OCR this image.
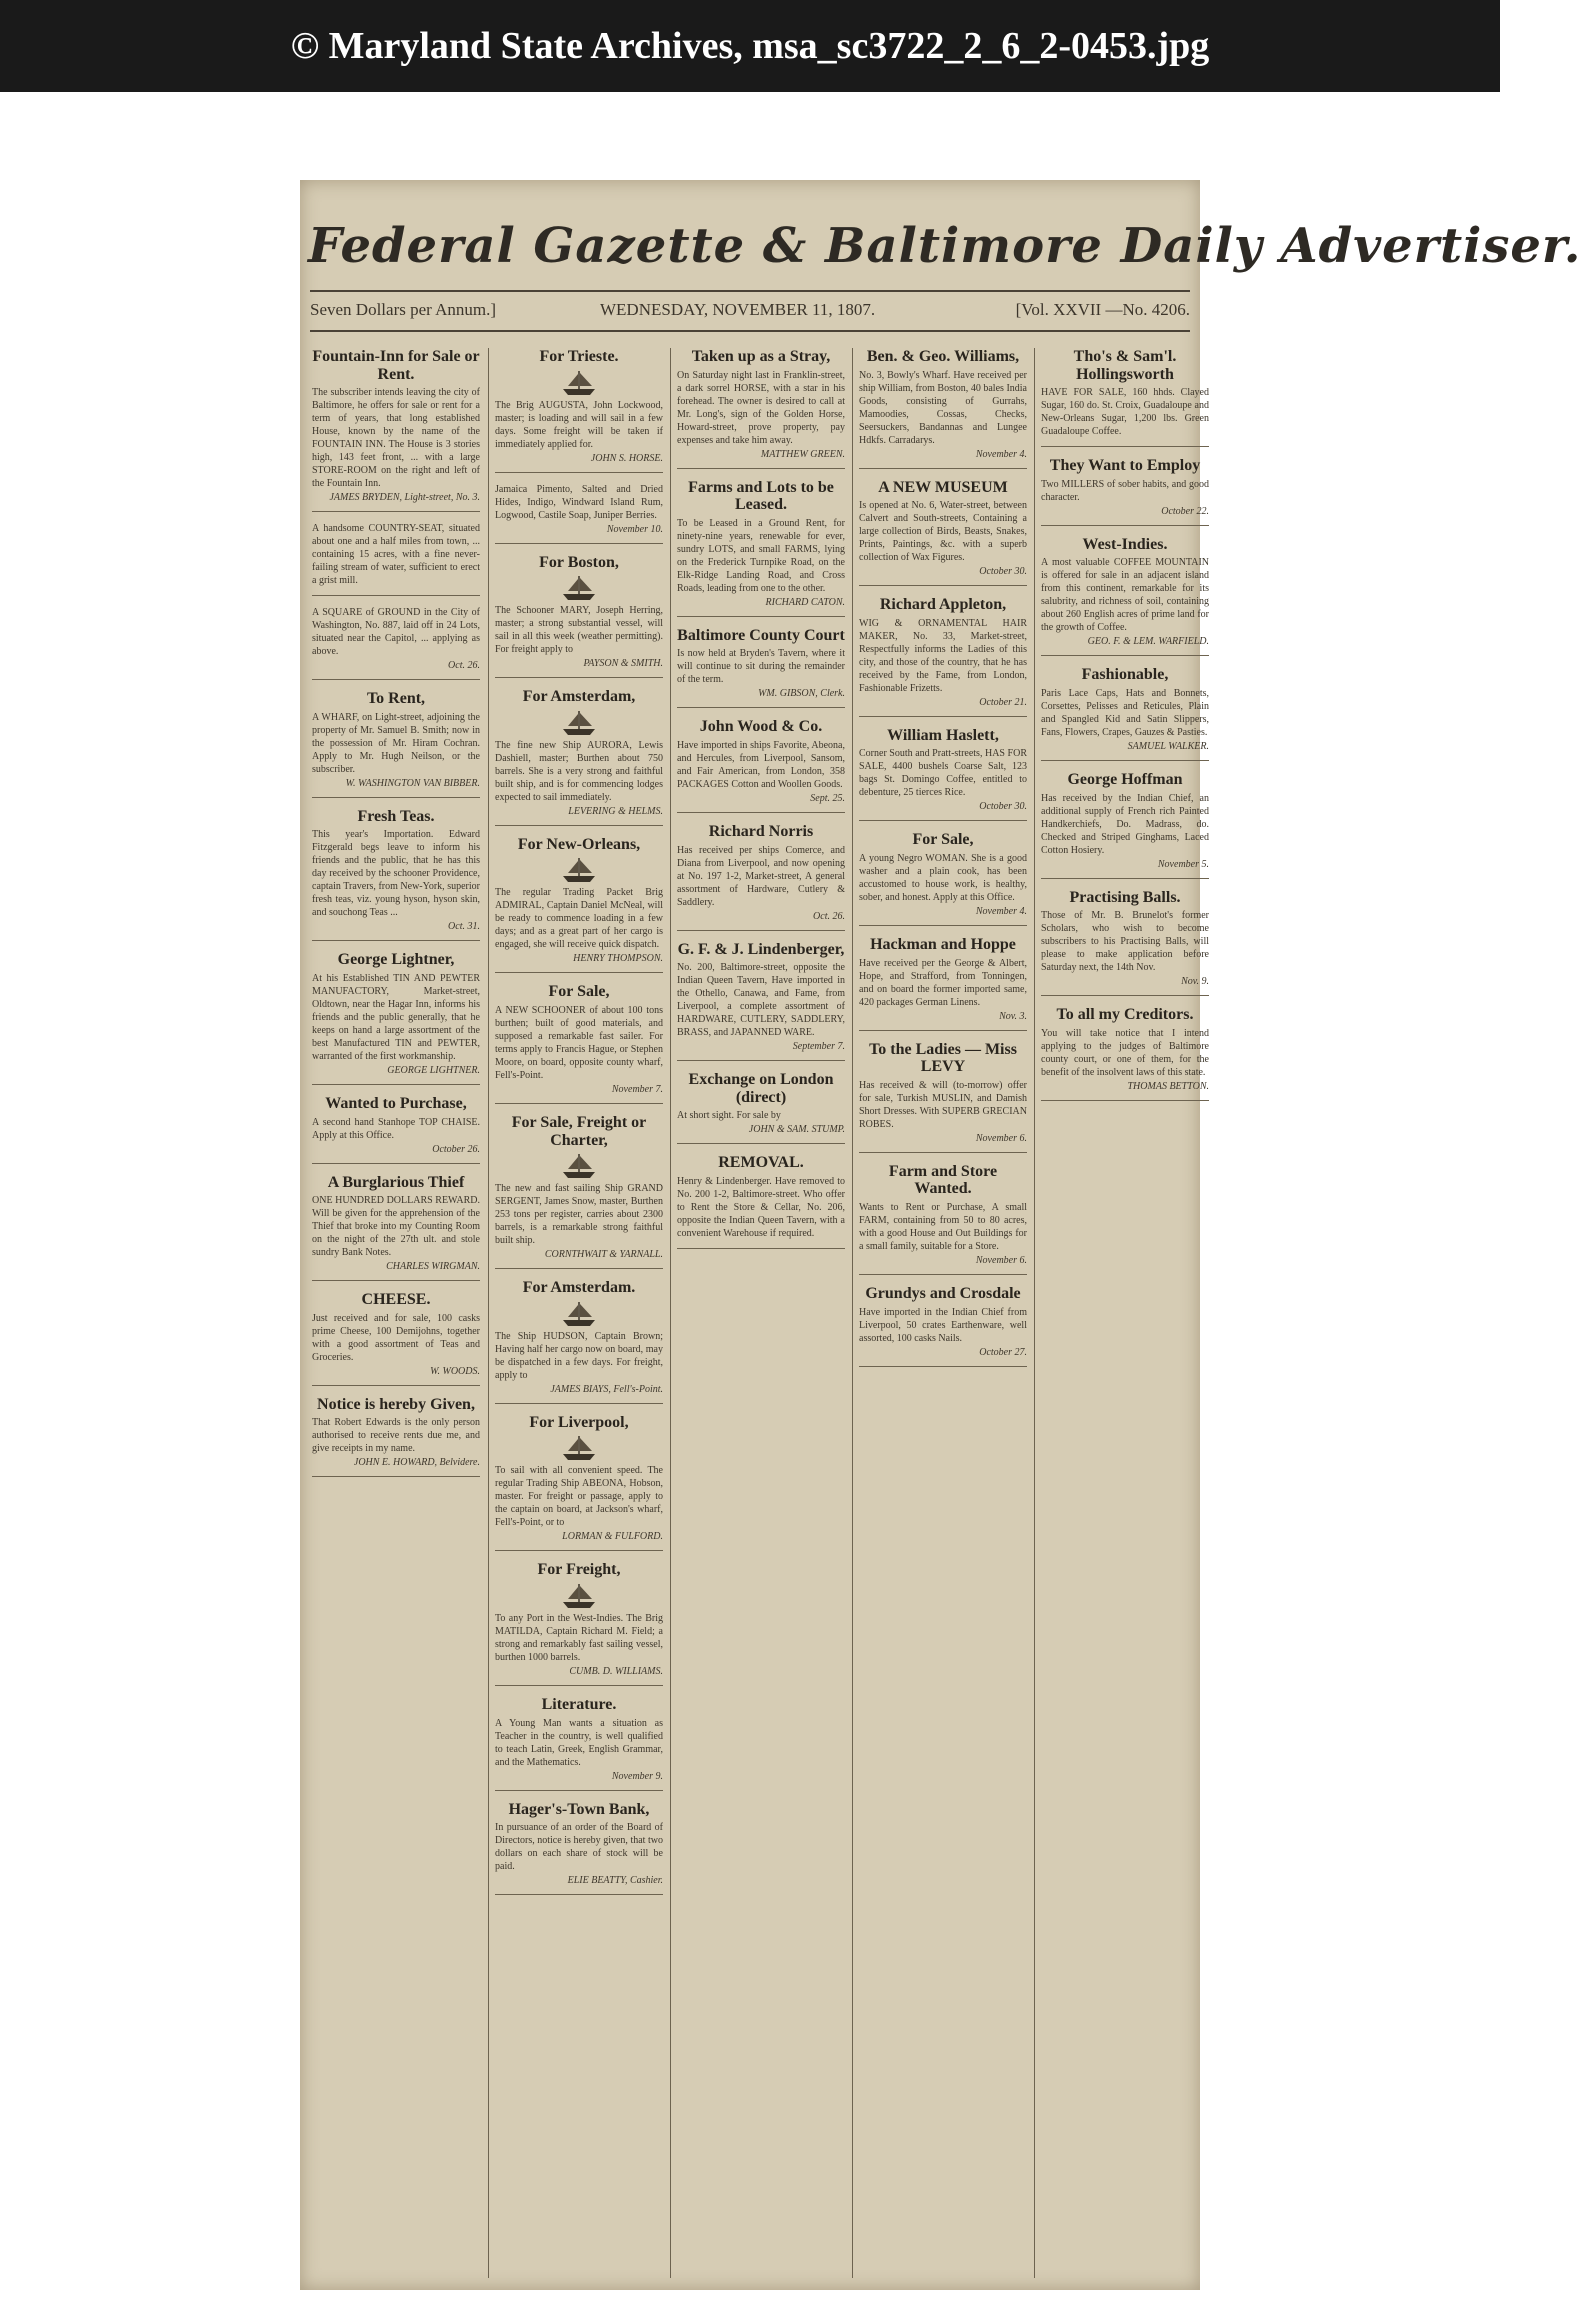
© Maryland State Archives, msa_sc3722_2_6_2-0453.jpg
Federal Gazette & Baltimore Daily Advertiser.
Seven Dollars per Annum.]	WEDNESDAY, NOVEMBER 11, 1807.	[Vol. XXVII —No. 4206.
Fountain-Inn for Sale or Rent.

The subscriber intends leaving the city of Baltimore, he offers for sale or rent for a term of years, that long established House, known by the name of the FOUNTAIN INN. The House is 3 stories high, 143 feet front, ... with a large STORE-ROOM on the right and left of the Fountain Inn.

JAMES BRYDEN, Light-street, No. 3.

A handsome COUNTRY-SEAT, situated about one and a half miles from town, ... containing 15 acres, with a fine never-failing stream of water, sufficient to erect a grist mill.

A SQUARE of GROUND in the City of Washington, No. 887, laid off in 24 Lots, situated near the Capitol, ... applying as above.

Oct. 26.
To Rent,

A WHARF, on Light-street, adjoining the property of Mr. Samuel B. Smith; now in the possession of Mr. Hiram Cochran. Apply to Mr. Hugh Neilson, or the subscriber.

W. WASHINGTON VAN BIBBER.
Fresh Teas.

This year's Importation. Edward Fitzgerald begs leave to inform his friends and the public, that he has this day received by the schooner Providence, captain Travers, from New-York, superior fresh teas, viz. young hyson, hyson skin, and souchong Teas ...

Oct. 31.
George Lightner,

At his Established TIN AND PEWTER MANUFACTORY, Market-street, Oldtown, near the Hagar Inn, informs his friends and the public generally, that he keeps on hand a large assortment of the best Manufactured TIN and PEWTER, warranted of the first workmanship.

GEORGE LIGHTNER.
Wanted to Purchase,

A second hand Stanhope TOP CHAISE. Apply at this Office.

October 26.
A Burglarious Thief

ONE HUNDRED DOLLARS REWARD. Will be given for the apprehension of the Thief that broke into my Counting Room on the night of the 27th ult. and stole sundry Bank Notes.

CHARLES WIRGMAN.
CHEESE.

Just received and for sale, 100 casks prime Cheese, 100 Demijohns, together with a good assortment of Teas and Groceries.

W. WOODS.
Notice is hereby Given,

That Robert Edwards is the only person authorised to receive rents due me, and give receipts in my name.

JOHN E. HOWARD, Belvidere.
For Trieste.

The Brig AUGUSTA, John Lockwood, master; is loading and will sail in a few days. Some freight will be taken if immediately applied for.

JOHN S. HORSE.

Jamaica Pimento, Salted and Dried Hides, Indigo, Windward Island Rum, Logwood, Castile Soap, Juniper Berries.

November 10.
For Boston,

The Schooner MARY, Joseph Herring, master; a strong substantial vessel, will sail in all this week (weather permitting). For freight apply to

PAYSON & SMITH.
For Amsterdam,

The fine new Ship AURORA, Lewis Dashiell, master; Burthen about 750 barrels. She is a very strong and faithful built ship, and is for commencing lodges expected to sail immediately.

LEVERING & HELMS.
For New-Orleans,

The regular Trading Packet Brig ADMIRAL, Captain Daniel McNeal, will be ready to commence loading in a few days; and as a great part of her cargo is engaged, she will receive quick dispatch.

HENRY THOMPSON.
For Sale,

A NEW SCHOONER of about 100 tons burthen; built of good materials, and supposed a remarkable fast sailer. For terms apply to Francis Hague, or Stephen Moore, on board, opposite county wharf, Fell's-Point.

November 7.
For Sale, Freight or Charter,

The new and fast sailing Ship GRAND SERGENT, James Snow, master, Burthen 253 tons per register, carries about 2300 barrels, is a remarkable strong faithful built ship.

CORNTHWAIT & YARNALL.
For Amsterdam.

The Ship HUDSON, Captain Brown; Having half her cargo now on board, may be dispatched in a few days. For freight, apply to

JAMES BIAYS, Fell's-Point.
For Liverpool,

To sail with all convenient speed. The regular Trading Ship ABEONA, Hobson, master. For freight or passage, apply to the captain on board, at Jackson's wharf, Fell's-Point, or to

LORMAN & FULFORD.
For Freight,

To any Port in the West-Indies. The Brig MATILDA, Captain Richard M. Field; a strong and remarkably fast sailing vessel, burthen 1000 barrels.

CUMB. D. WILLIAMS.
Literature.

A Young Man wants a situation as Teacher in the country, is well qualified to teach Latin, Greek, English Grammar, and the Mathematics.

November 9.
Hager's-Town Bank,

In pursuance of an order of the Board of Directors, notice is hereby given, that two dollars on each share of stock will be paid.

ELIE BEATTY, Cashier.
Taken up as a Stray,

On Saturday night last in Franklin-street, a dark sorrel HORSE, with a star in his forehead. The owner is desired to call at Mr. Long's, sign of the Golden Horse, Howard-street, prove property, pay expenses and take him away.

MATTHEW GREEN.
Farms and Lots to be Leased.

To be Leased in a Ground Rent, for ninety-nine years, renewable for ever, sundry LOTS, and small FARMS, lying on the Frederick Turnpike Road, on the Elk-Ridge Landing Road, and Cross Roads, leading from one to the other.

RICHARD CATON.
Baltimore County Court

Is now held at Bryden's Tavern, where it will continue to sit during the remainder of the term.

WM. GIBSON, Clerk.
John Wood & Co.

Have imported in ships Favorite, Abeona, and Hercules, from Liverpool, Sansom, and Fair American, from London, 358 PACKAGES Cotton and Woollen Goods.

Sept. 25.
Richard Norris

Has received per ships Comerce, and Diana from Liverpool, and now opening at No. 197 1-2, Market-street, A general assortment of Hardware, Cutlery & Saddlery.

Oct. 26.
G. F. & J. Lindenberger,

No. 200, Baltimore-street, opposite the Indian Queen Tavern, Have imported in the Othello, Canawa, and Fame, from Liverpool, a complete assortment of HARDWARE, CUTLERY, SADDLERY, BRASS, and JAPANNED WARE.

September 7.
Exchange on London (direct)

At short sight. For sale by

JOHN & SAM. STUMP.
REMOVAL.

Henry & Lindenberger. Have removed to No. 200 1-2, Baltimore-street. Who offer to Rent the Store & Cellar, No. 206, opposite the Indian Queen Tavern, with a convenient Warehouse if required.

Ben. & Geo. Williams,

No. 3, Bowly's Wharf. Have received per ship William, from Boston, 40 bales India Goods, consisting of Gurrahs, Mamoodies, Cossas, Checks, Seersuckers, Bandannas and Lungee Hdkfs. Carradarys.

November 4.
A NEW MUSEUM

Is opened at No. 6, Water-street, between Calvert and South-streets, Containing a large collection of Birds, Beasts, Snakes, Prints, Paintings, &c. with a superb collection of Wax Figures.

October 30.
Richard Appleton,

WIG & ORNAMENTAL HAIR MAKER, No. 33, Market-street, Respectfully informs the Ladies of this city, and those of the country, that he has received by the Fame, from London, Fashionable Frizetts.

October 21.
William Haslett,

Corner South and Pratt-streets, HAS FOR SALE, 4400 bushels Coarse Salt, 123 bags St. Domingo Coffee, entitled to debenture, 25 tierces Rice.

October 30.
For Sale,

A young Negro WOMAN. She is a good washer and a plain cook, has been accustomed to house work, is healthy, sober, and honest. Apply at this Office.

November 4.
Hackman and Hoppe

Have received per the George & Albert, Hope, and Strafford, from Tonningen, and on board the former imported same, 420 packages German Linens.

Nov. 3.
To the Ladies — Miss LEVY

Has received & will (to-morrow) offer for sale, Turkish MUSLIN, and Damish Short Dresses. With SUPERB GRECIAN ROBES.

November 6.
Farm and Store Wanted.

Wants to Rent or Purchase, A small FARM, containing from 50 to 80 acres, with a good House and Out Buildings for a small family, suitable for a Store.

November 6.
Grundys and Crosdale

Have imported in the Indian Chief from Liverpool, 50 crates Earthenware, well assorted, 100 casks Nails.

October 27.
Tho's & Sam'l. Hollingsworth

HAVE FOR SALE, 160 hhds. Clayed Sugar, 160 do. St. Croix, Guadaloupe and New-Orleans Sugar, 1,200 lbs. Green Guadaloupe Coffee.

They Want to Employ

Two MILLERS of sober habits, and good character.

October 22.
West-Indies.

A most valuable COFFEE MOUNTAIN is offered for sale in an adjacent island from this continent, remarkable for its salubrity, and richness of soil, containing about 260 English acres of prime land for the growth of Coffee.

GEO. F. & LEM. WARFIELD.
Fashionable,

Paris Lace Caps, Hats and Bonnets, Corsettes, Pelisses and Reticules, Plain and Spangled Kid and Satin Slippers, Fans, Flowers, Crapes, Gauzes & Pasties.

SAMUEL WALKER.
George Hoffman

Has received by the Indian Chief, an additional supply of French rich Painted Handkerchiefs, Do. Madrass, do. Checked and Striped Ginghams, Laced Cotton Hosiery.

November 5.
Practising Balls.

Those of Mr. B. Brunelot's former Scholars, who wish to become subscribers to his Practising Balls, will please to make application before Saturday next, the 14th Nov.

Nov. 9.
To all my Creditors.

You will take notice that I intend applying to the judges of Baltimore county court, or one of them, for the benefit of the insolvent laws of this state.

THOMAS BETTON.
